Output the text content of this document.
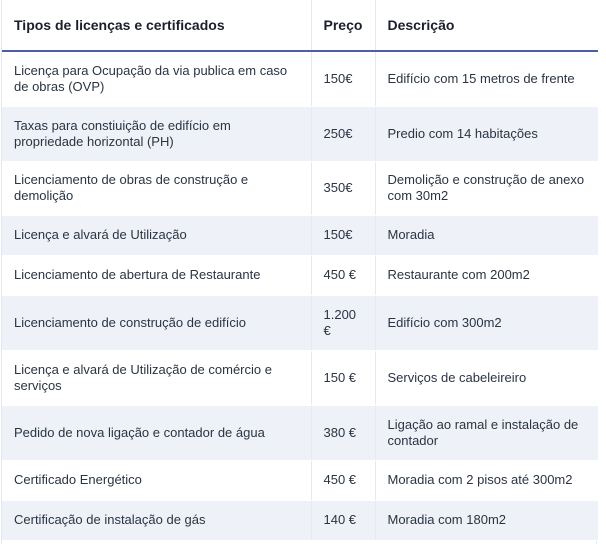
Tipos de licenças e certificados	Preço	Descrição
Licença para Ocupação da via publica em caso de obras (OVP)	150€	Edifício com 15 metros de frente
Taxas para constiuição de edifício em propriedade horizontal (PH)	250€	Predio com 14 habitações
Licenciamento de obras de construção e demolição	350€	Demolição e construção de anexo com 30m2
Licença e alvará de Utilização	150€	Moradia
Licenciamento de abertura de Restaurante	450 €	Restaurante com 200m2
Licenciamento de construção de edifício	1.200 €	Edifício com 300m2
Licença e alvará de Utilização de comércio e serviços	150 €	Serviços de cabeleireiro
Pedido de nova ligação e contador de água	380 €	Ligação ao ramal e instalação de contador
Certificado Energético	450 €	Moradia com 2 pisos até 300m2
Certificação de instalação de gás	140 €	Moradia com 180m2
